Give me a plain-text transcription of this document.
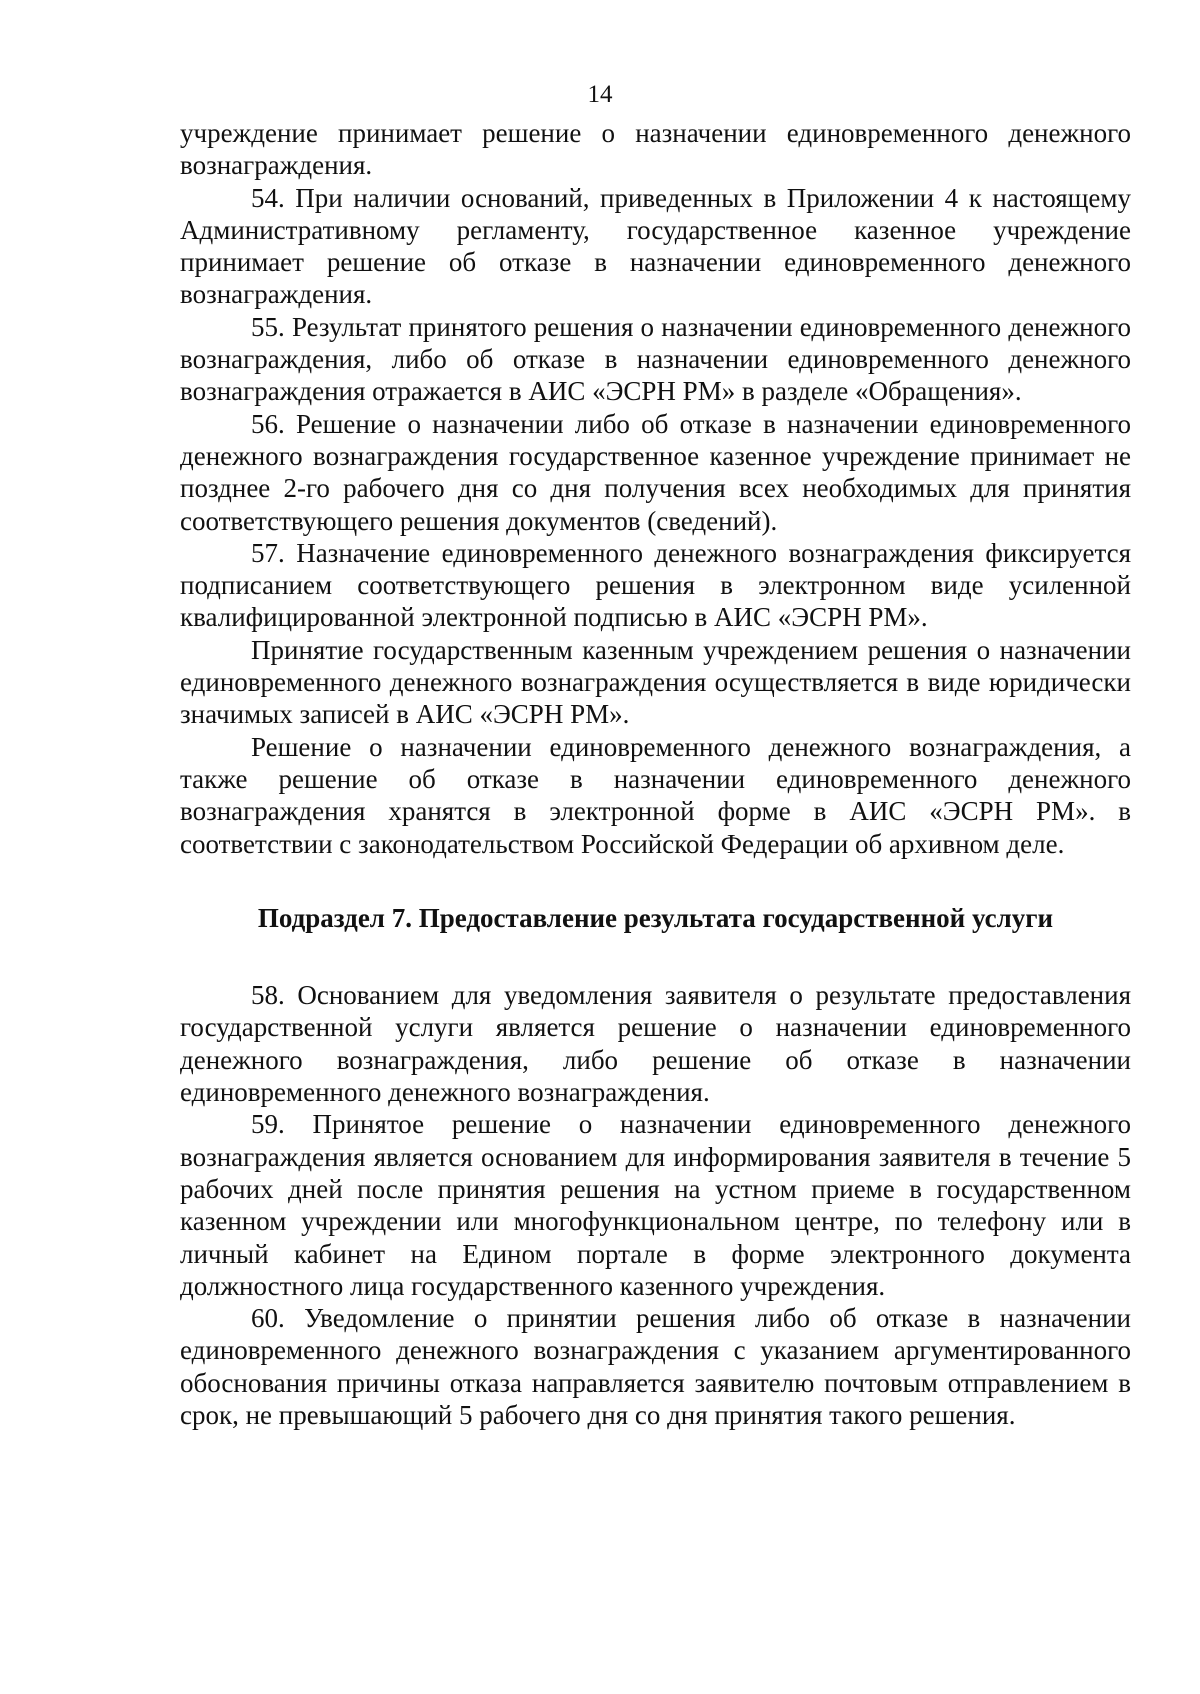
14

учреждение принимает решение о назначении единовременного денежного вознаграждения.

54. При наличии оснований, приведенных в Приложении 4 к настоящему Административному регламенту, государственное казенное учреждение принимает решение об отказе в назначении единовременного денежного вознаграждения.

55. Результат принятого решения о назначении единовременного денежного вознаграждения, либо об отказе в назначении единовременного денежного вознаграждения отражается в АИС «ЭСРН РМ» в разделе «Обращения».

56. Решение о назначении либо об отказе в назначении единовременного денежного вознаграждения государственное казенное учреждение принимает не позднее 2-го рабочего дня со дня получения всех необходимых для принятия соответствующего решения документов (сведений).

57. Назначение единовременного денежного вознаграждения фиксируется подписанием соответствующего решения в электронном виде усиленной квалифицированной электронной подписью в АИС «ЭСРН РМ».

Принятие государственным казенным учреждением решения о назначении единовременного денежного вознаграждения осуществляется в виде юридически значимых записей в АИС «ЭСРН РМ».

Решение о назначении единовременного денежного вознаграждения, а также решение об отказе в назначении единовременного денежного вознаграждения хранятся в электронной форме в АИС «ЭСРН РМ». в соответствии с законодательством Российской Федерации об архивном деле.

Подраздел 7. Предоставление результата государственной услуги

58. Основанием для уведомления заявителя о результате предоставления государственной услуги является решение о назначении единовременного денежного вознаграждения, либо решение об отказе в назначении единовременного денежного вознаграждения.

59. Принятое решение о назначении единовременного денежного вознаграждения является основанием для информирования заявителя в течение 5 рабочих дней после принятия решения на устном приеме в государственном казенном учреждении или многофункциональном центре, по телефону или в личный кабинет на Едином портале в форме электронного документа должностного лица государственного казенного учреждения.

60. Уведомление о принятии решения либо об отказе в назначении единовременного денежного вознаграждения с указанием аргументированного обоснования причины отказа направляется заявителю почтовым отправлением в срок, не превышающий 5 рабочего дня со дня принятия такого решения.
